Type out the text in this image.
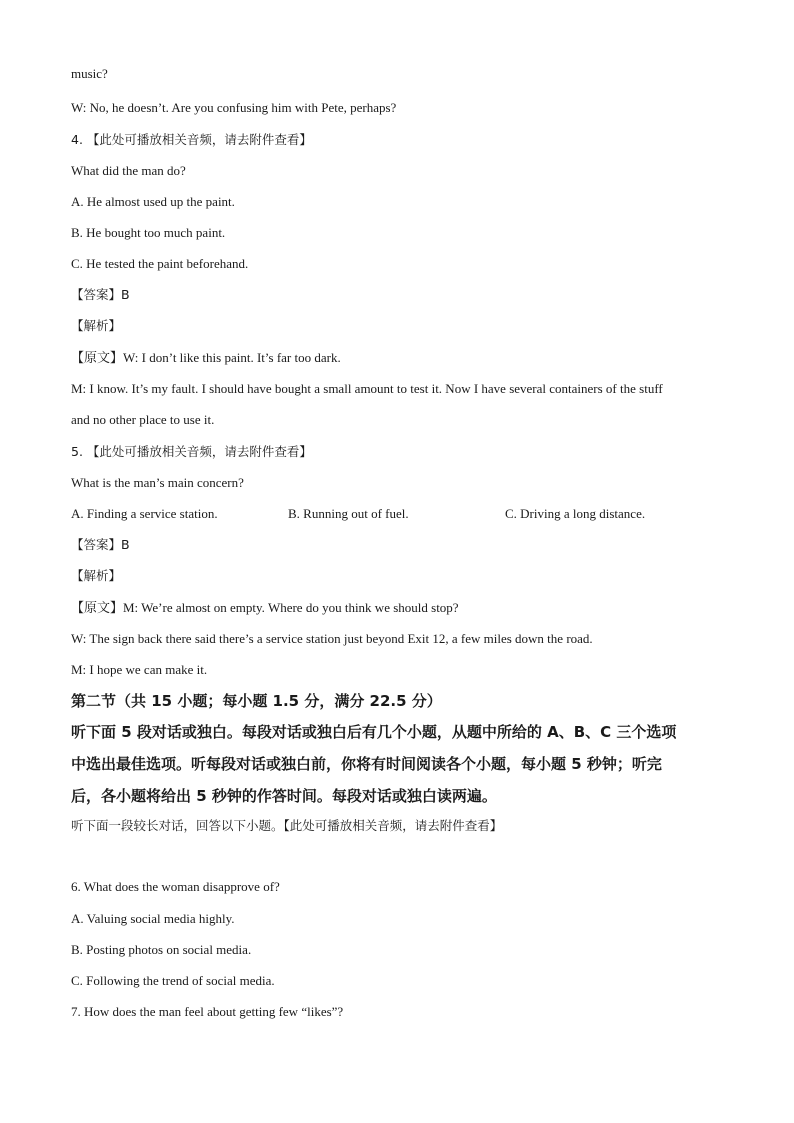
music?
W: No, he doesn’t. Are you confusing him with Pete, perhaps?
4. 【此处可播放相关音频，请去附件查看】
What did the man do?
A. He almost used up the paint.
B. He bought too much paint.
C. He tested the paint beforehand.
【答案】B
【解析】
【原文】W: I don’t like this paint. It’s far too dark.
M: I know. It’s my fault. I should have bought a small amount to test it. Now I have several containers of the stuff
and no other place to use it.
5. 【此处可播放相关音频，请去附件查看】
What is the man’s main concern?
A. Finding a service station.	B. Running out of fuel.	C. Driving a long distance.
【答案】B
【解析】
【原文】M: We’re almost on empty. Where do you think we should stop?
W: The sign back there said there’s a service station just beyond Exit 12, a few miles down the road.
M: I hope we can make it.
第二节（共 15 小题；每小题 1.5 分，满分 22.5 分）
听下面 5 段对话或独白。每段对话或独白后有几个小题，从题中所给的 A、B、C 三个选项
中选出最佳选项。听每段对话或独白前，你将有时间阅读各个小题，每小题 5 秒钟；听完
后，各小题将给出 5 秒钟的作答时间。每段对话或独白读两遍。
听下面一段较长对话，回答以下小题。【此处可播放相关音频，请去附件查看】
6. What does the woman disapprove of?
A. Valuing social media highly.
B. Posting photos on social media.
C. Following the trend of social media.
7. How does the man feel about getting few “likes”?
